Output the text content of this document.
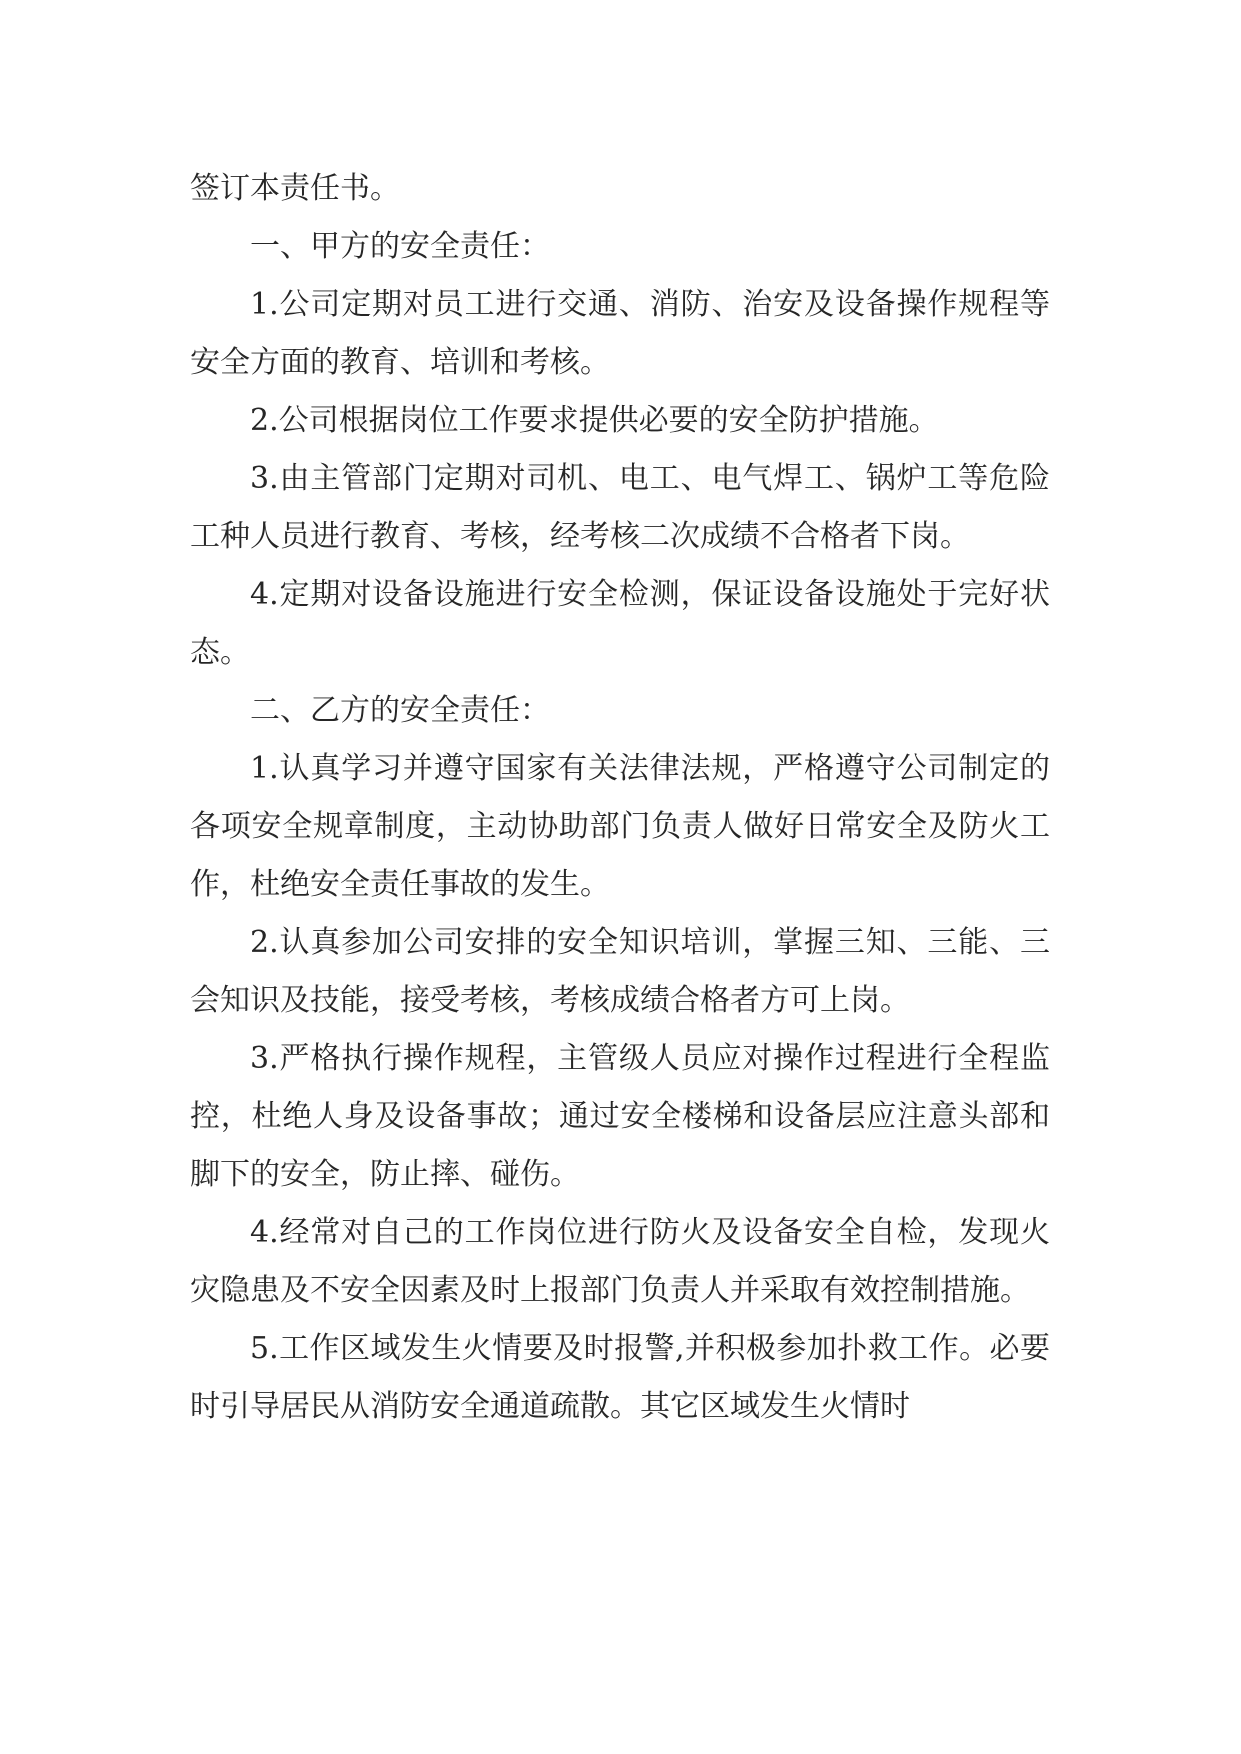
签订本责任书。

一、甲方的安全责任：

1.公司定期对员工进行交通、消防、治安及设备操作规程等安全方面的教育、培训和考核。

2.公司根据岗位工作要求提供必要的安全防护措施。

3.由主管部门定期对司机、电工、电气焊工、锅炉工等危险工种人员进行教育、考核，经考核二次成绩不合格者下岗。

4.定期对设备设施进行安全检测，保证设备设施处于完好状态。

二、乙方的安全责任：

1.认真学习并遵守国家有关法律法规，严格遵守公司制定的各项安全规章制度，主动协助部门负责人做好日常安全及防火工作，杜绝安全责任事故的发生。

2.认真参加公司安排的安全知识培训，掌握三知、三能、三会知识及技能，接受考核，考核成绩合格者方可上岗。

3.严格执行操作规程，主管级人员应对操作过程进行全程监控，杜绝人身及设备事故；通过安全楼梯和设备层应注意头部和脚下的安全，防止摔、碰伤。

4.经常对自己的工作岗位进行防火及设备安全自检，发现火灾隐患及不安全因素及时上报部门负责人并采取有效控制措施。

5.工作区域发生火情要及时报警,并积极参加扑救工作。必要时引导居民从消防安全通道疏散。其它区域发生火情时
